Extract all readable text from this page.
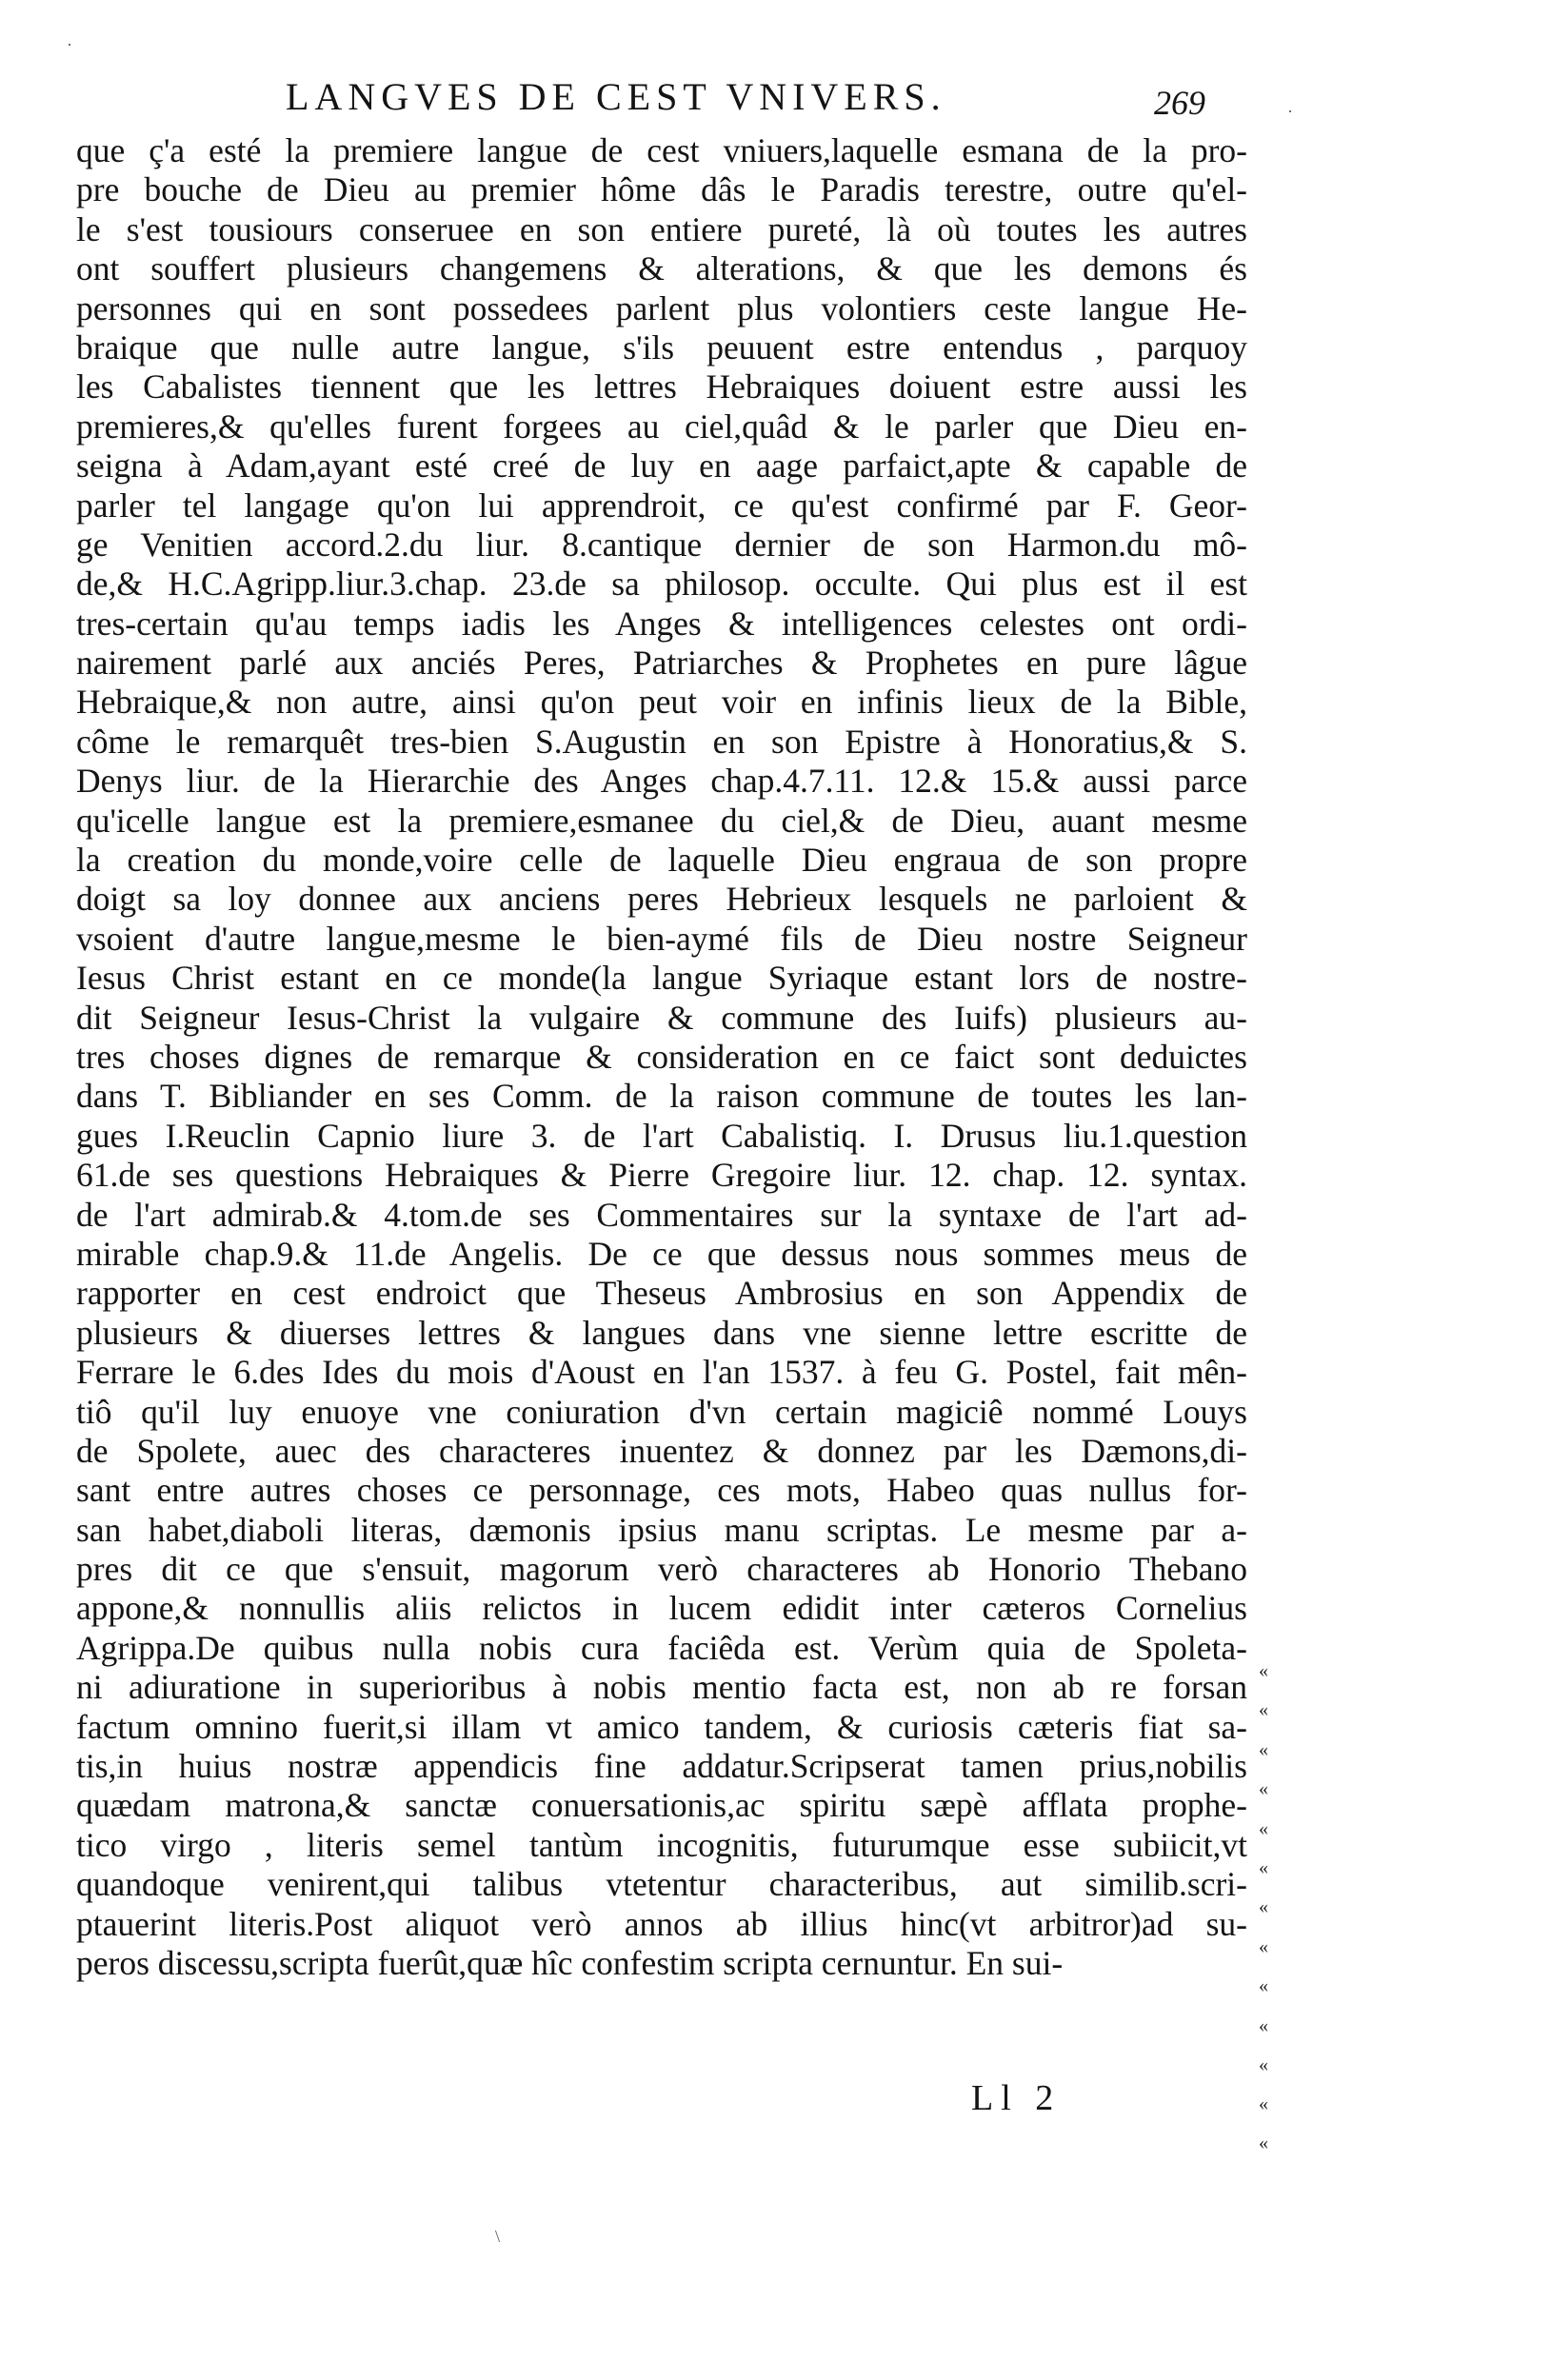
LANGVES DE CEST VNIVERS.	269
que ç'a esté la premiere langue de cest vniuers,laquelle esmana de la pro-
pre bouche de Dieu au premier hôme dâs le Paradis terestre, outre qu'el-
le s'est tousiours conseruee en son entiere pureté, là où toutes les autres
ont souffert plusieurs changemens & alterations, & que les demons és
personnes qui en sont possedees parlent plus volontiers ceste langue He-
braique que nulle autre langue, s'ils peuuent estre entendus , parquoy
les Cabalistes tiennent que les lettres Hebraiques doiuent estre aussi les
premieres,& qu'elles furent forgees au ciel,quâd & le parler que Dieu en-
seigna à Adam,ayant esté creé de luy en aage parfaict,apte & capable de
parler tel langage qu'on lui apprendroit, ce qu'est confirmé par F. Geor-
ge Venitien accord.2.du liur. 8.cantique dernier de son Harmon.du mô-
de,& H.C.Agripp.liur.3.chap. 23.de sa philosop. occulte. Qui plus est il est
tres-certain qu'au temps iadis les Anges & intelligences celestes ont ordi-
nairement parlé aux anciés Peres, Patriarches & Prophetes en pure lâgue
Hebraique,& non autre, ainsi qu'on peut voir en infinis lieux de la Bible,
côme le remarquêt tres-bien S.Augustin en son Epistre à Honoratius,& S.
Denys liur. de la Hierarchie des Anges chap.4.7.11. 12.& 15.& aussi parce
qu'icelle langue est la premiere,esmanee du ciel,& de Dieu, auant mesme
la creation du monde,voire celle de laquelle Dieu engraua de son propre
doigt sa loy donnee aux anciens peres Hebrieux lesquels ne parloient &
vsoient d'autre langue,mesme le bien-aymé fils de Dieu nostre Seigneur
Iesus Christ estant en ce monde(la langue Syriaque estant lors de nostre-
dit Seigneur Iesus-Christ la vulgaire & commune des Iuifs) plusieurs au-
tres choses dignes de remarque & consideration en ce faict sont deduictes
dans T. Bibliander en ses Comm. de la raison commune de toutes les lan-
gues I.Reuclin Capnio liure 3. de l'art Cabalistiq. I. Drusus liu.1.question
61.de ses questions Hebraiques & Pierre Gregoire liur. 12. chap. 12. syntax.
de l'art admirab.& 4.tom.de ses Commentaires sur la syntaxe de l'art ad-
mirable chap.9.& 11.de Angelis. De ce que dessus nous sommes meus de
rapporter en cest endroict que Theseus Ambrosius en son Appendix de
plusieurs & diuerses lettres & langues dans vne sienne lettre escritte de
Ferrare le 6.des Ides du mois d'Aoust en l'an 1537. à feu G. Postel, fait mên-
tiô qu'il luy enuoye vne coniuration d'vn certain magiciê nommé Louys
de Spolete, auec des characteres inuentez & donnez par les Dæmons,di-
sant entre autres choses ce personnage, ces mots, Habeo quas nullus for-
san habet,diaboli literas, dæmonis ipsius manu scriptas. Le mesme par a-
pres dit ce que s'ensuit, magorum verò characteres ab Honorio Thebano
appone,& nonnullis aliis relictos in lucem edidit inter cæteros Cornelius
Agrippa.De quibus nulla nobis cura faciêda est. Verùm quia de Spoleta-
ni adiuratione in superioribus à nobis mentio facta est, non ab re forsan
factum omnino fuerit,si illam vt amico tandem, & curiosis cæteris fiat sa-
tis,in huius nostræ appendicis fine addatur.Scripserat tamen prius,nobilis
quædam matrona,& sanctæ conuersationis,ac spiritu sæpè afflata prophe-
tico virgo , literis semel tantùm incognitis, futurumque esse subiicit,vt
quandoque venirent,qui talibus vtetentur characteribus, aut similib.scri-
ptauerint literis.Post aliquot verò annos ab illius hinc(vt arbitror)ad su-
peros discessu,scripta fuerût,quæ hîc confestim scripta cernuntur. En sui-
«
«
«
«
«
«
«
«
«
«
«
«
«
Ll 2
·
·
\
